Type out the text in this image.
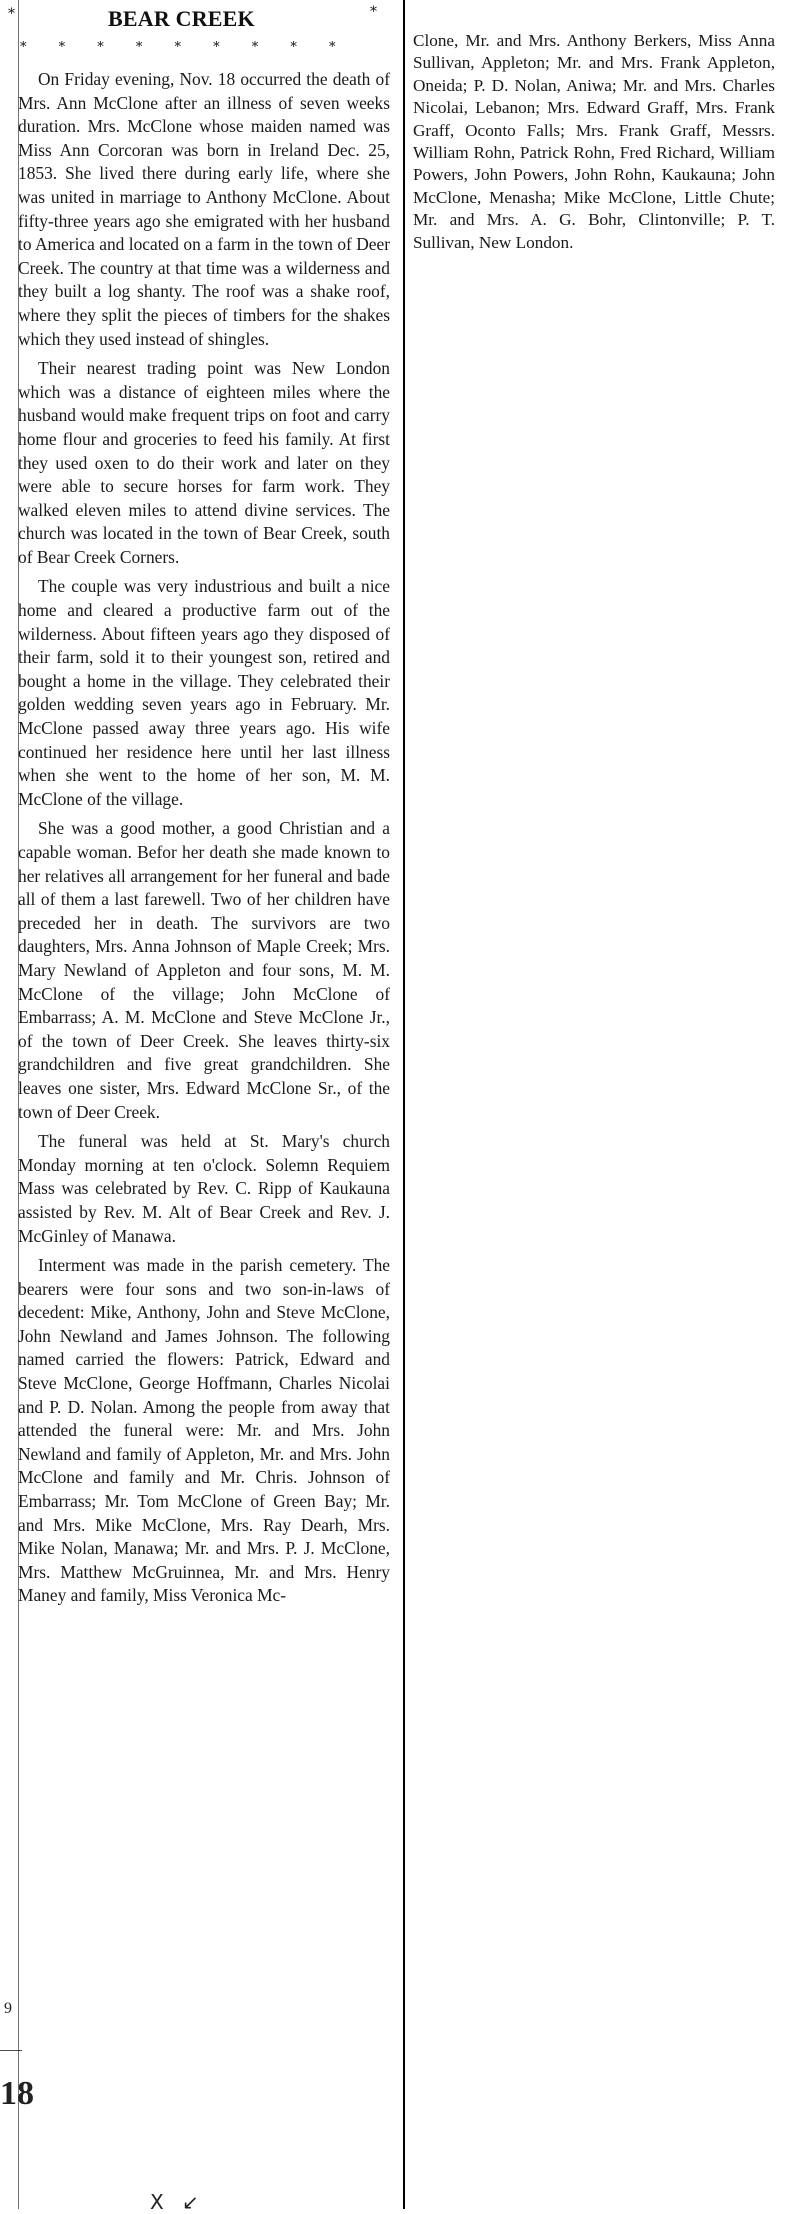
*	BEAR CREEK	*
* * * * * * * * *

On Friday evening, Nov. 18 occurred the death of Mrs. Ann McClone after an illness of seven weeks duration. Mrs. McClone whose maiden named was Miss Ann Corcoran was born in Ireland Dec. 25, 1853. She lived there during early life, where she was united in marriage to Anthony McClone. About fifty-three years ago she emigrated with her husband to America and located on a farm in the town of Deer Creek. The country at that time was a wilderness and they built a log shanty. The roof was a shake roof, where they split the pieces of timbers for the shakes which they used instead of shingles.

Their nearest trading point was New London which was a distance of eighteen miles where the husband would make frequent trips on foot and carry home flour and groceries to feed his family. At first they used oxen to do their work and later on they were able to secure horses for farm work. They walked eleven miles to attend divine services. The church was located in the town of Bear Creek, south of Bear Creek Corners.

The couple was very industrious and built a nice home and cleared a productive farm out of the wilderness. About fifteen years ago they disposed of their farm, sold it to their youngest son, retired and bought a home in the village. They celebrated their golden wedding seven years ago in February. Mr. McClone passed away three years ago. His wife continued her residence here until her last illness when she went to the home of her son, M. M. McClone of the village.

She was a good mother, a good Christian and a capable woman. Befor her death she made known to her relatives all arrangement for her funeral and bade all of them a last farewell. Two of her children have preceded her in death. The survivors are two daughters, Mrs. Anna Johnson of Maple Creek; Mrs. Mary Newland of Appleton and four sons, M. M. McClone of the village; John McClone of Embarrass; A. M. McClone and Steve McClone Jr., of the town of Deer Creek. She leaves thirty-six grandchildren and five great grandchildren. She leaves one sister, Mrs. Edward McClone Sr., of the town of Deer Creek.

The funeral was held at St. Mary's church Monday morning at ten o'clock. Solemn Requiem Mass was celebrated by Rev. C. Ripp of Kaukauna assisted by Rev. M. Alt of Bear Creek and Rev. J. McGinley of Manawa.

Interment was made in the parish cemetery. The bearers were four sons and two son-in-laws of decedent: Mike, Anthony, John and Steve McClone, John Newland and James Johnson. The following named carried the flowers: Patrick, Edward and Steve McClone, George Hoffmann, Charles Nicolai and P. D. Nolan. Among the people from away that attended the funeral were: Mr. and Mrs. John Newland and family of Appleton, Mr. and Mrs. John McClone and family and Mr. Chris. Johnson of Embarrass; Mr. Tom McClone of Green Bay; Mr. and Mrs. Mike McClone, Mrs. Ray Dearh, Mrs. Mike Nolan, Manawa; Mr. and Mrs. P. J. McClone, Mrs. Matthew McGruinnea, Mr. and Mrs. Henry Maney and family, Miss Veronica Mc-

Clone, Mr. and Mrs. Anthony Berkers, Miss Anna Sullivan, Appleton; Mr. and Mrs. Frank Appleton, Oneida; P. D. Nolan, Aniwa; Mr. and Mrs. Charles Nicolai, Lebanon; Mrs. Edward Graff, Mrs. Frank Graff, Oconto Falls; Mrs. Frank Graff, Messrs. William Rohn, Patrick Rohn, Fred Richard, William Powers, John Powers, John Rohn, Kaukauna; John McClone, Menasha; Mike McClone, Little Chute; Mr. and Mrs. A. G. Bohr, Clintonville; P. T. Sullivan, New London.

9
18
X ↙
